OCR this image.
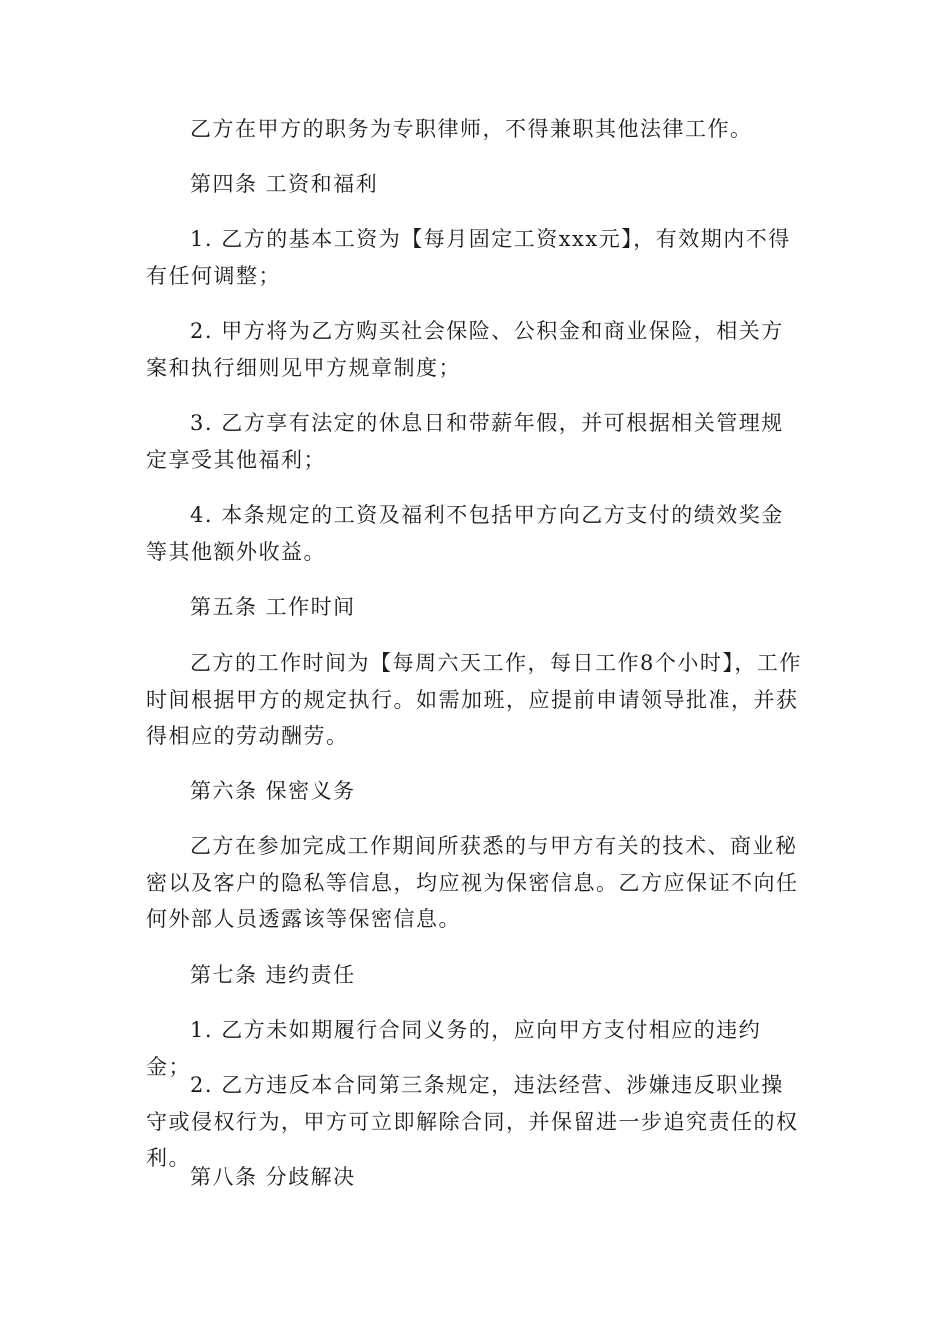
乙方在甲方的职务为专职律师，不得兼职其他法律工作。

第四条 工资和福利

1. 乙方的基本工资为【每月固定工资xxx元】，有效期内不得有任何调整；

2. 甲方将为乙方购买社会保险、公积金和商业保险，相关方案和执行细则见甲方规章制度；

3. 乙方享有法定的休息日和带薪年假，并可根据相关管理规定享受其他福利；

4. 本条规定的工资及福利不包括甲方向乙方支付的绩效奖金等其他额外收益。

第五条 工作时间

乙方的工作时间为【每周六天工作，每日工作8个小时】，工作时间根据甲方的规定执行。如需加班，应提前申请领导批准，并获得相应的劳动酬劳。

第六条 保密义务

乙方在参加完成工作期间所获悉的与甲方有关的技术、商业秘密以及客户的隐私等信息，均应视为保密信息。乙方应保证不向任何外部人员透露该等保密信息。

第七条 违约责任

1. 乙方未如期履行合同义务的，应向甲方支付相应的违约金；

2. 乙方违反本合同第三条规定，违法经营、涉嫌违反职业操守或侵权行为，甲方可立即解除合同，并保留进一步追究责任的权利。

第八条 分歧解决
